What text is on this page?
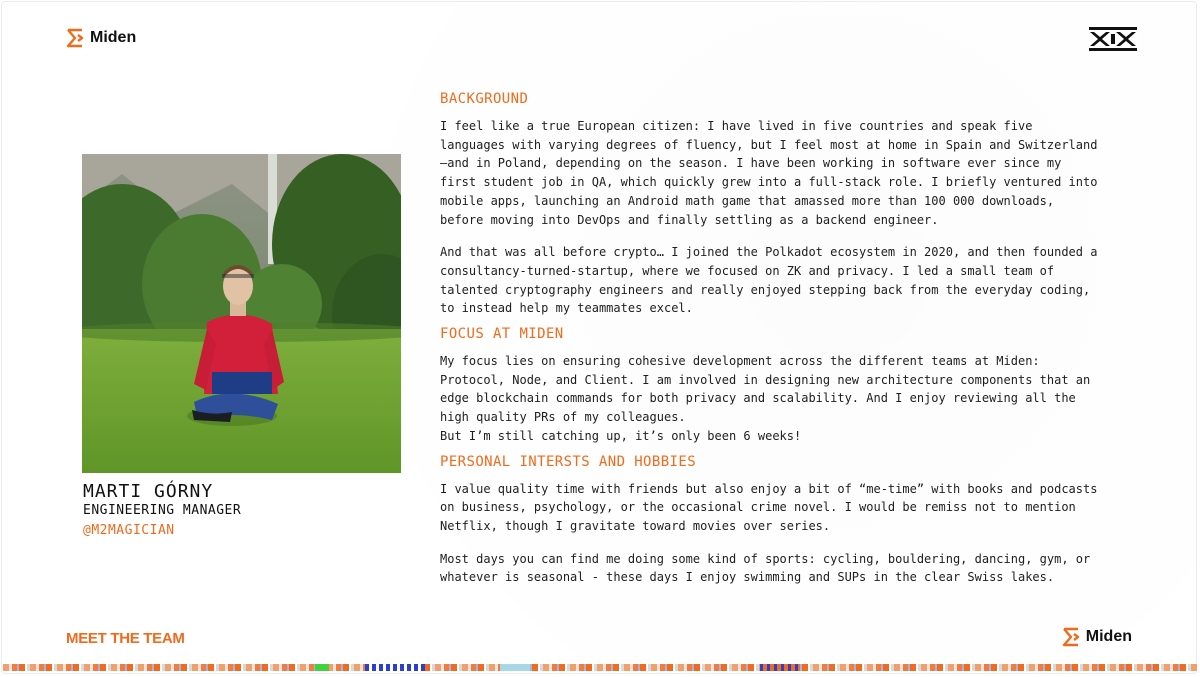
Miden
MARTI GÓRNY
ENGINEERING MANAGER
@M2MAGICIAN
BACKGROUND

I feel like a true European citizen: I have lived in five countries and speak five
languages with varying degrees of fluency, but I feel most at home in Spain and Switzerland
—and in Poland, depending on the season. I have been working in software ever since my
first student job in QA, which quickly grew into a full-stack role. I briefly ventured into
mobile apps, launching an Android math game that amassed more than 100 000 downloads,
before moving into DevOps and finally settling as a backend engineer.

And that was all before crypto… I joined the Polkadot ecosystem in 2020, and then founded a
consultancy-turned-startup, where we focused on ZK and privacy. I led a small team of
talented cryptography engineers and really enjoyed stepping back from the everyday coding,
to instead help my teammates excel.

FOCUS AT MIDEN

My focus lies on ensuring cohesive development across the different teams at Miden:
Protocol, Node, and Client. I am involved in designing new architecture components that an
edge blockchain commands for both privacy and scalability. And I enjoy reviewing all the
high quality PRs of my colleagues.
But I’m still catching up, it’s only been 6 weeks!

PERSONAL INTERSTS AND HOBBIES

I value quality time with friends but also enjoy a bit of “me-time” with books and podcasts
on business, psychology, or the occasional crime novel. I would be remiss not to mention
Netflix, though I gravitate toward movies over series.

Most days you can find me doing some kind of sports: cycling, bouldering, dancing, gym, or
whatever is seasonal - these days I enjoy swimming and SUPs in the clear Swiss lakes.

MEET THE TEAM	Miden
